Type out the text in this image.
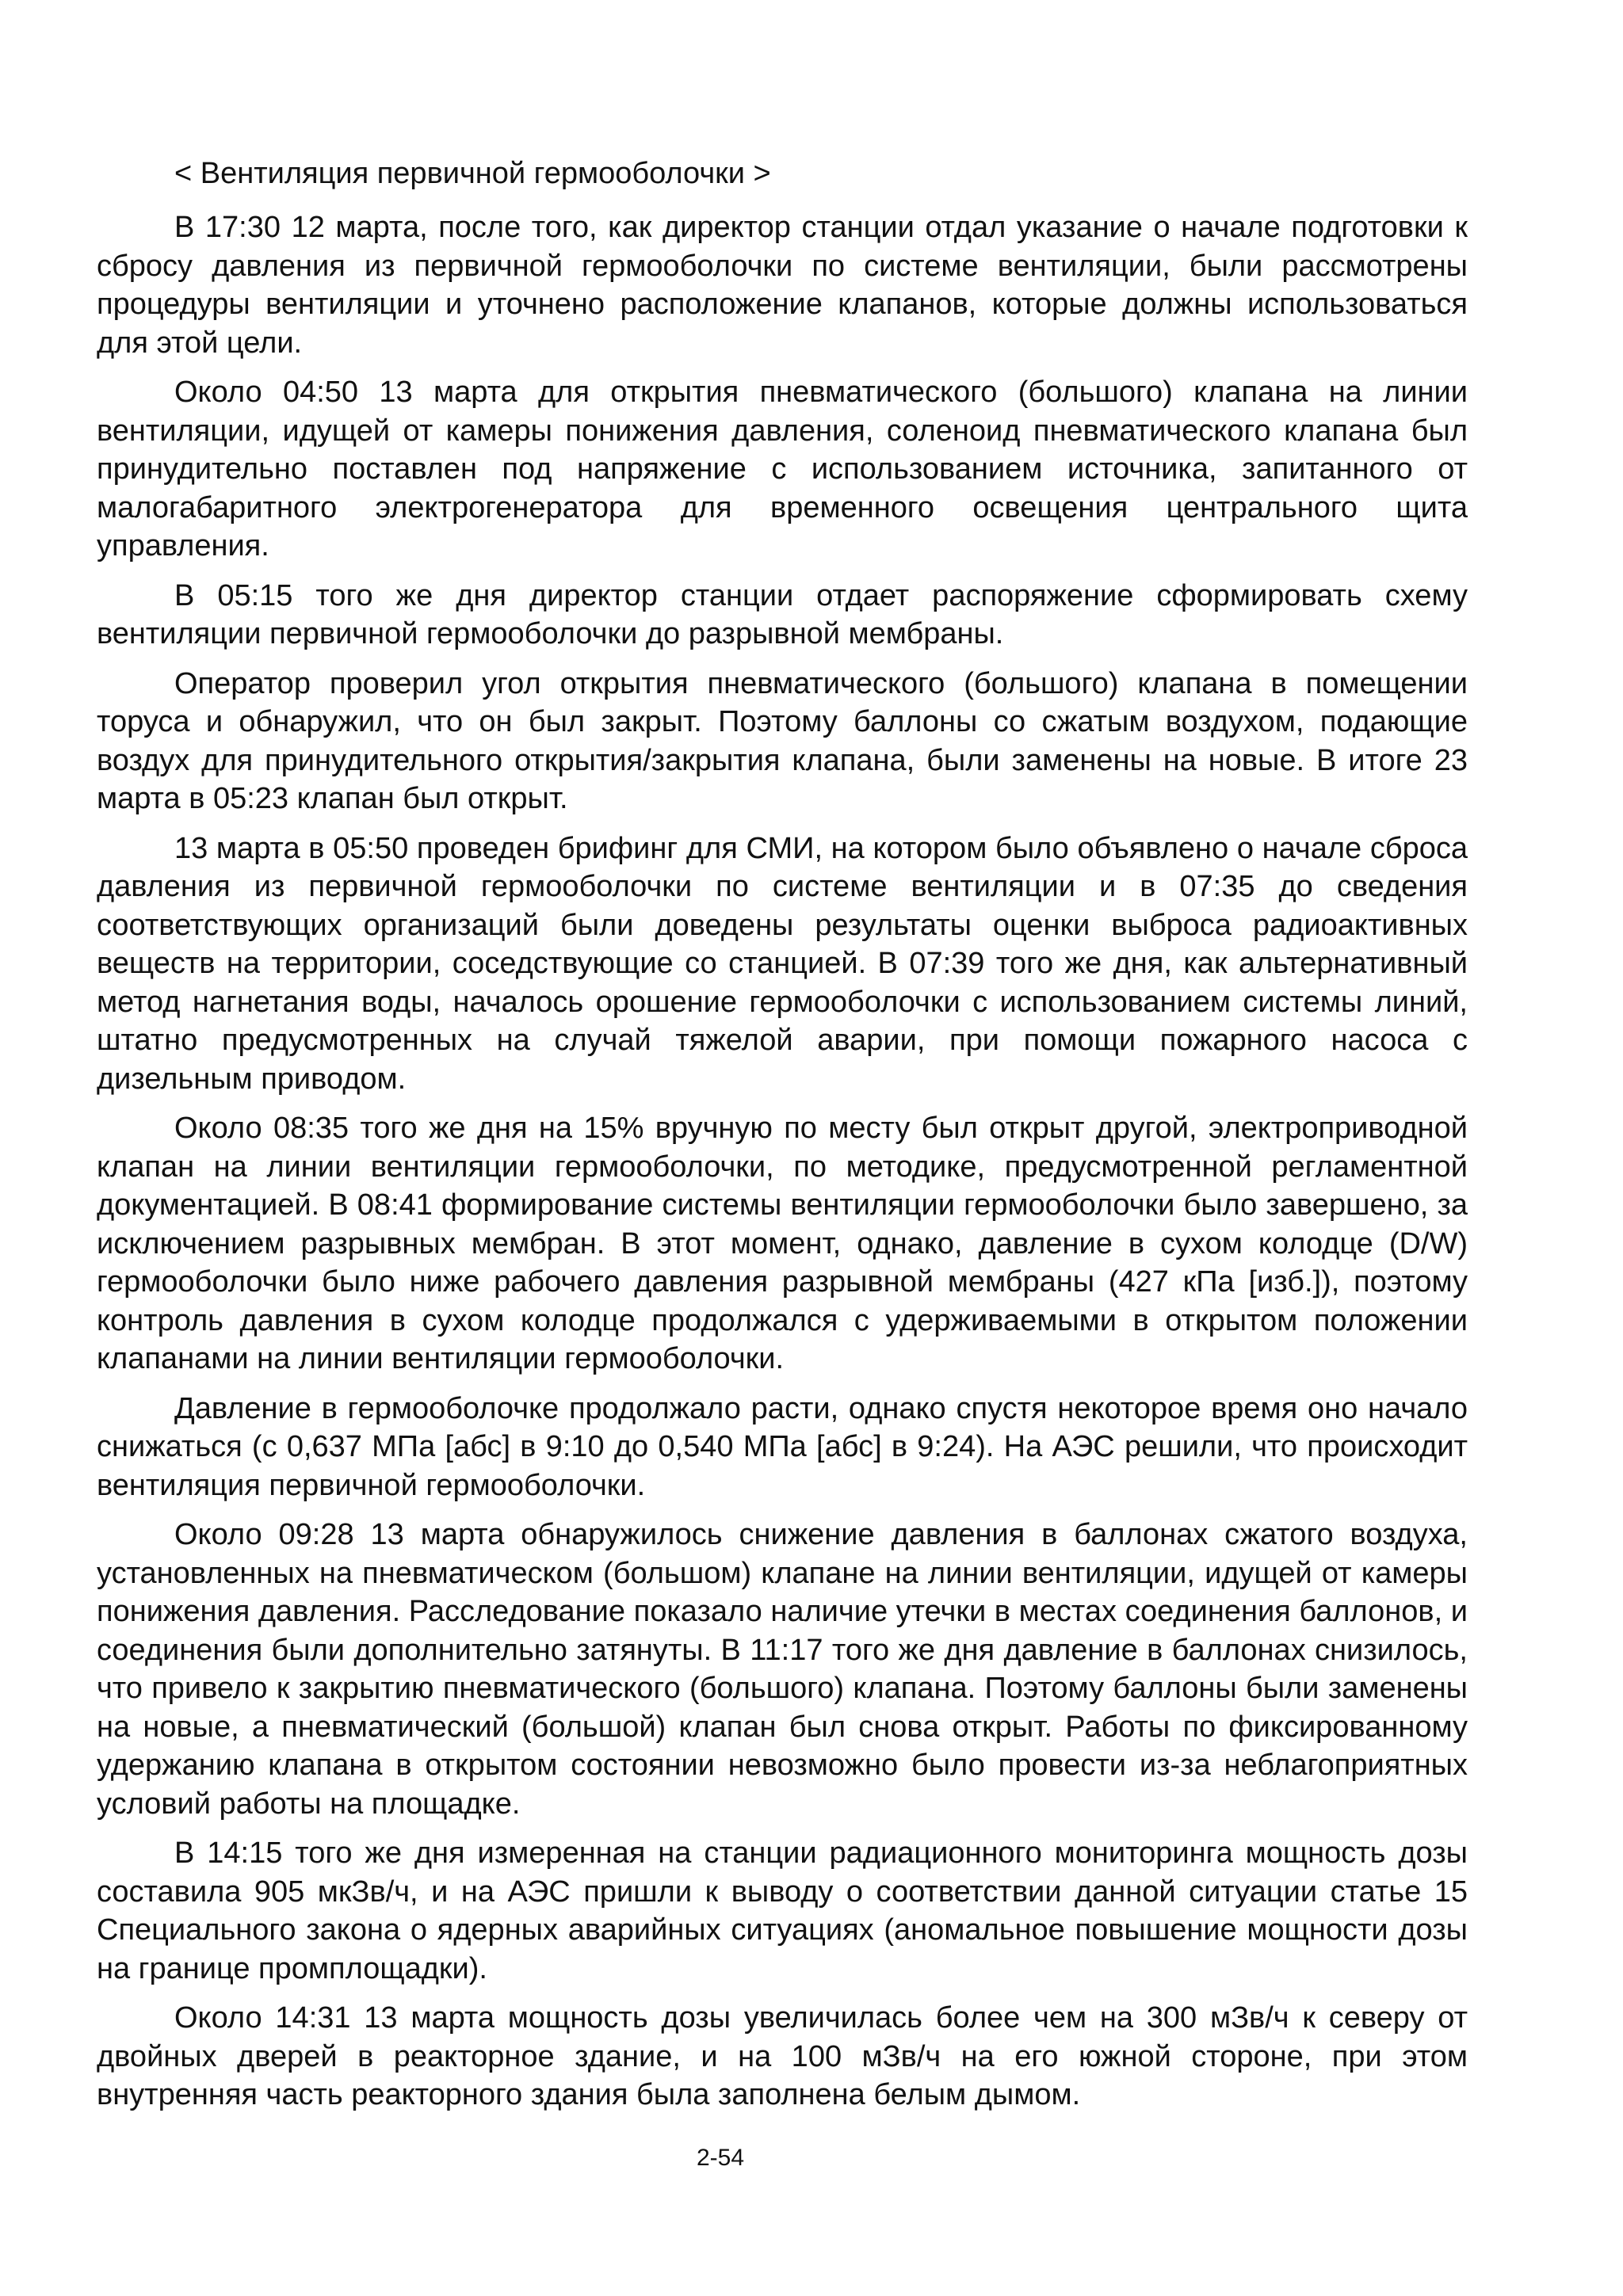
< Вентиляция первичной гермооболочки >

В 17:30 12 марта, после того, как директор станции отдал указание о начале подготовки к сбросу давления из первичной гермооболочки по системе вентиляции, были рассмотрены процедуры вентиляции и уточнено расположение клапанов, которые должны использоваться для этой цели.

Около 04:50 13 марта для открытия пневматического (большого) клапана на линии вентиляции, идущей от камеры понижения давления, соленоид пневматического клапана был принудительно поставлен под напряжение с использованием источника, запитанного от малогабаритного электрогенератора для временного освещения центрального щита управления.

В 05:15 того же дня директор станции отдает распоряжение сформировать схему вентиляции первичной гермооболочки до разрывной мембраны.

Оператор проверил угол открытия пневматического (большого) клапана в помещении торуса и обнаружил, что он был закрыт. Поэтому баллоны со сжатым воздухом, подающие воздух для принудительного открытия/закрытия клапана, были заменены на новые. В итоге 23 марта в 05:23 клапан был открыт.

13 марта в 05:50 проведен брифинг для СМИ, на котором было объявлено о начале сброса давления из первичной гермооболочки по системе вентиляции и в 07:35 до сведения соответствующих организаций были доведены результаты оценки выброса радиоактивных веществ на территории, соседствующие со станцией. В 07:39 того же дня, как альтернативный метод нагнетания воды, началось орошение гермооболочки с использованием системы линий, штатно предусмотренных на случай тяжелой аварии, при помощи пожарного насоса с дизельным приводом.

Около 08:35 того же дня на 15% вручную по месту был открыт другой, электроприводной клапан на линии вентиляции гермооболочки, по методике, предусмотренной регламентной документацией. В 08:41 формирование системы вентиляции гермооболочки было завершено, за исключением разрывных мембран. В этот момент, однако, давление в сухом колодце (D/W) гермооболочки было ниже рабочего давления разрывной мембраны (427 кПа [изб.]), поэтому контроль давления в сухом колодце продолжался с удерживаемыми в открытом положении клапанами на линии вентиляции гермооболочки.

Давление в гермооболочке продолжало расти, однако спустя некоторое время оно начало снижаться (с 0,637 МПа [абс] в 9:10 до 0,540 МПа [абс] в 9:24). На АЭС решили, что происходит вентиляция первичной гермооболочки.

Около 09:28 13 марта обнаружилось снижение давления в баллонах сжатого воздуха, установленных на пневматическом (большом) клапане на линии вентиляции, идущей от камеры понижения давления. Расследование показало наличие утечки в местах соединения баллонов, и соединения были дополнительно затянуты. В 11:17 того же дня давление в баллонах снизилось, что привело к закрытию пневматического (большого) клапана. Поэтому баллоны были заменены на новые, а пневматический (большой) клапан был снова открыт. Работы по фиксированному удержанию клапана в открытом состоянии невозможно было провести из-за неблагоприятных условий работы на площадке.

В 14:15 того же дня измеренная на станции радиационного мониторинга мощность дозы составила 905 мкЗв/ч, и на АЭС пришли к выводу о соответствии данной ситуации статье 15 Специального закона о ядерных аварийных ситуациях (аномальное повышение мощности дозы на границе промплощадки).

Около 14:31 13 марта мощность дозы увеличилась более чем на 300 мЗв/ч к северу от двойных дверей в реакторное здание, и на 100 мЗв/ч на его южной стороне, при этом внутренняя часть реакторного здания была заполнена белым дымом.

2-54
